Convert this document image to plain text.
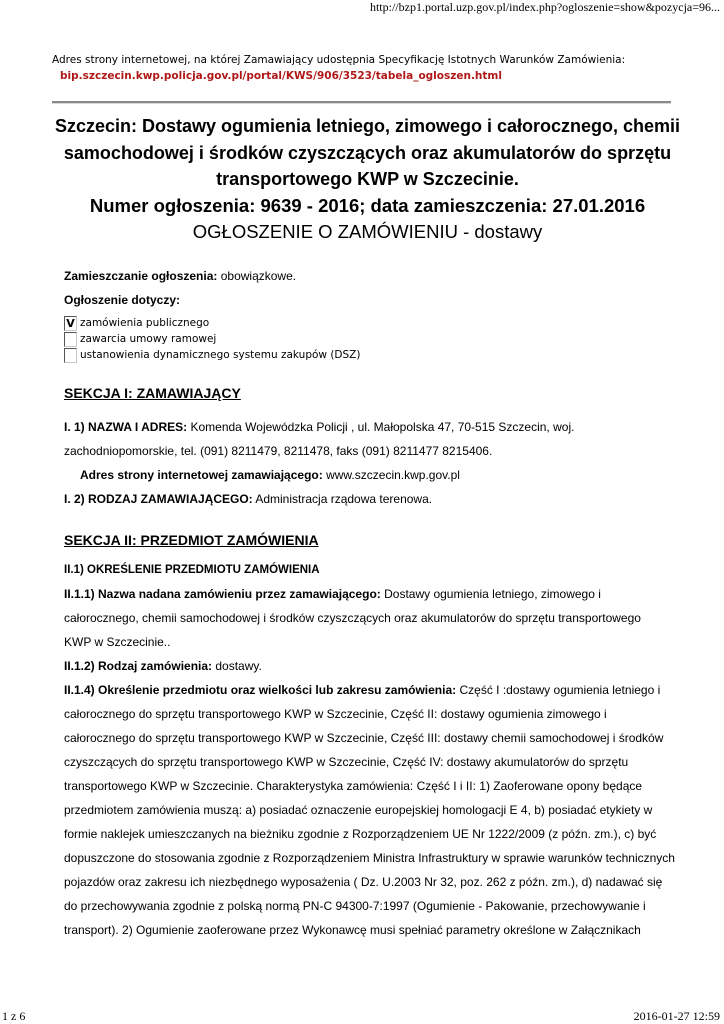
http://bzp1.portal.uzp.gov.pl/index.php?ogloszenie=show&pozycja=96...
Adres strony internetowej, na której Zamawiający udostępnia Specyfikację Istotnych Warunków Zamówienia:
bip.szczecin.kwp.policja.gov.pl/portal/KWS/906/3523/tabela_ogloszen.html
Szczecin: Dostawy ogumienia letniego, zimowego i całorocznego, chemii
samochodowej i środków czyszczących oraz akumulatorów do sprzętu
transportowego KWP w Szczecinie.
Numer ogłoszenia: 9639 - 2016; data zamieszczenia: 27.01.2016
OGŁOSZENIE O ZAMÓWIENIU - dostawy

Zamieszczanie ogłoszenia: obowiązkowe.

Ogłoszenie dotyczy:

V zamówienia publicznego
zawarcia umowy ramowej
ustanowienia dynamicznego systemu zakupów (DSZ)

SEKCJA I: ZAMAWIAJĄCY

I. 1) NAZWA I ADRES: Komenda Wojewódzka Policji , ul. Małopolska 47, 70-515 Szczecin, woj.

zachodniopomorskie, tel. (091) 8211479, 8211478, faks (091) 8211477 8215406.

Adres strony internetowej zamawiającego: www.szczecin.kwp.gov.pl

I. 2) RODZAJ ZAMAWIAJĄCEGO: Administracja rządowa terenowa.

SEKCJA II: PRZEDMIOT ZAMÓWIENIA

II.1) OKREŚLENIE PRZEDMIOTU ZAMÓWIENIA

II.1.1) Nazwa nadana zamówieniu przez zamawiającego: Dostawy ogumienia letniego, zimowego i

całorocznego, chemii samochodowej i środków czyszczących oraz akumulatorów do sprzętu transportowego

KWP w Szczecinie..

II.1.2) Rodzaj zamówienia: dostawy.

II.1.4) Określenie przedmiotu oraz wielkości lub zakresu zamówienia: Część I :dostawy ogumienia letniego i

całorocznego do sprzętu transportowego KWP w Szczecinie, Część II: dostawy ogumienia zimowego i

całorocznego do sprzętu transportowego KWP w Szczecinie, Część III: dostawy chemii samochodowej i środków

czyszczących do sprzętu transportowego KWP w Szczecinie, Część IV: dostawy akumulatorów do sprzętu

transportowego KWP w Szczecinie. Charakterystyka zamówienia: Część I i II: 1) Zaoferowane opony będące

przedmiotem zamówienia muszą: a) posiadać oznaczenie europejskiej homologacji E 4, b) posiadać etykiety w

formie naklejek umieszczanych na bieżniku zgodnie z Rozporządzeniem UE Nr 1222/2009 (z późn. zm.), c) być

dopuszczone do stosowania zgodnie z Rozporządzeniem Ministra Infrastruktury w sprawie warunków technicznych

pojazdów oraz zakresu ich niezbędnego wyposażenia ( Dz. U.2003 Nr 32, poz. 262 z późn. zm.), d) nadawać się

do przechowywania zgodnie z polską normą PN-C 94300-7:1997 (Ogumienie - Pakowanie, przechowywanie i

transport). 2) Ogumienie zaoferowane przez Wykonawcę musi spełniać parametry określone w Załącznikach

1 z 6	2016-01-27 12:59
